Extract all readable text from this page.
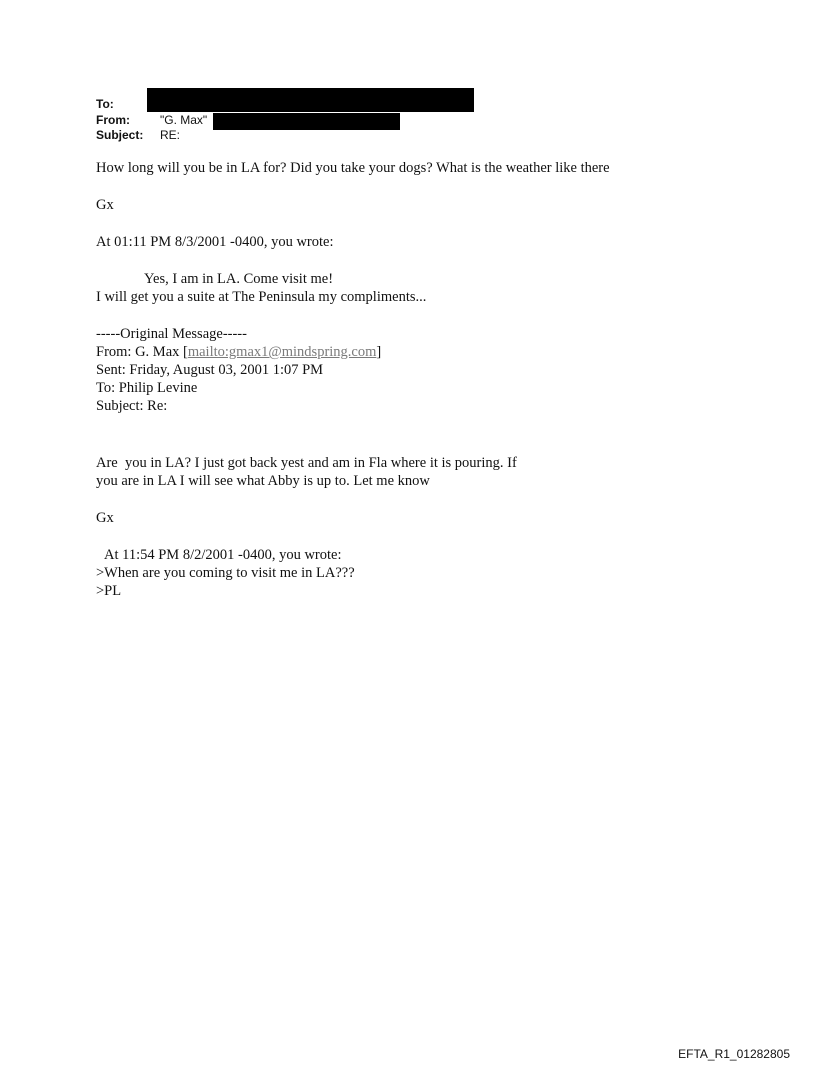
To:
From:	"G. Max"
Subject: RE:
How long will you be in LA for? Did you take your dogs? What is the weather like there
Gx
At 01:11 PM 8/3/2001 -0400, you wrote:
Yes, I am in LA. Come visit me!
I will get you a suite at The Peninsula my compliments...
-----Original Message-----
From: G. Max [mailto:gmax1@mindspring.com]
Sent: Friday, August 03, 2001 1:07 PM
To: Philip Levine
Subject: Re:
Are  you in LA? I just got back yest and am in Fla where it is pouring. If
you are in LA I will see what Abby is up to. Let me know
Gx
At 11:54 PM 8/2/2001 -0400, you wrote:
>When are you coming to visit me in LA???
>PL
EFTA_R1_01282805
